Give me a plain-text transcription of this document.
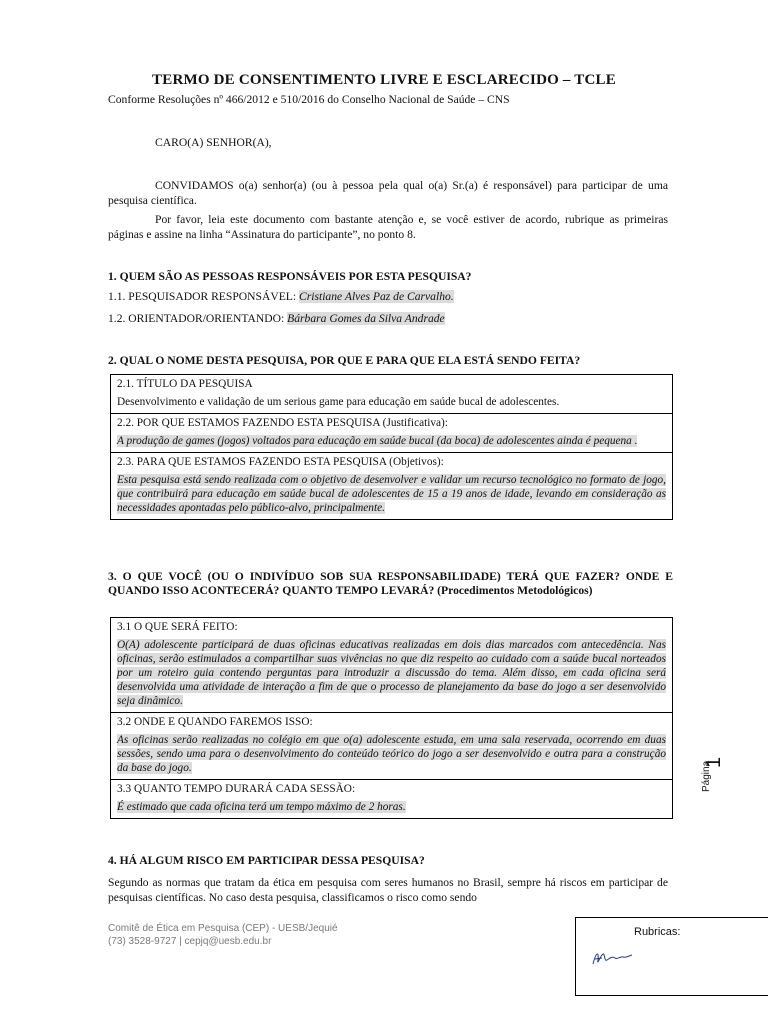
TERMO DE CONSENTIMENTO LIVRE E ESCLARECIDO – TCLE
Conforme Resoluções nº 466/2012 e 510/2016 do Conselho Nacional de Saúde – CNS
CARO(A) SENHOR(A),
CONVIDAMOS o(a) senhor(a) (ou à pessoa pela qual o(a) Sr.(a) é responsável) para participar de uma pesquisa científica.
Por favor, leia este documento com bastante atenção e, se você estiver de acordo, rubrique as primeiras páginas e assine na linha “Assinatura do participante”, no ponto 8.
1. QUEM SÃO AS PESSOAS RESPONSÁVEIS POR ESTA PESQUISA?
1.1. PESQUISADOR RESPONSÁVEL: Cristiane Alves Paz de Carvalho.
1.2. ORIENTADOR/ORIENTANDO: Bárbara Gomes da Silva Andrade
2. QUAL O NOME DESTA PESQUISA, POR QUE E PARA QUE ELA ESTÁ SENDO FEITA?
2.1. TÍTULO DA PESQUISA
Desenvolvimento e validação de um serious game para educação em saúde bucal de adolescentes.
2.2. POR QUE ESTAMOS FAZENDO ESTA PESQUISA (Justificativa):
A produção de games (jogos) voltados para educação em saúde bucal (da boca) de adolescentes ainda é pequena .
2.3. PARA QUE ESTAMOS FAZENDO ESTA PESQUISA (Objetivos):
Esta pesquisa está sendo realizada com o objetivo de desenvolver e validar um recurso tecnológico no formato de jogo, que contribuirá para educação em saúde bucal de adolescentes de 15 a 19 anos de idade, levando em consideração as necessidades apontadas pelo público-alvo, principalmente.
3. O QUE VOCÊ (OU O INDIVÍDUO SOB SUA RESPONSABILIDADE) TERÁ QUE FAZER? ONDE E QUANDO ISSO ACONTECERÁ? QUANTO TEMPO LEVARÁ? (Procedimentos Metodológicos)
3.1 O QUE SERÁ FEITO:
O(A) adolescente participará de duas oficinas educativas realizadas em dois dias marcados com antecedência. Nas oficinas, serão estimulados a compartilhar suas vivências no que diz respeito ao cuidado com a saúde bucal norteados por um roteiro guia contendo perguntas para introduzir a discussão do tema. Além disso, em cada oficina será desenvolvida uma atividade de interação a fim de que o processo de planejamento da base do jogo a ser desenvolvido seja dinâmico.
3.2 ONDE E QUANDO FAREMOS ISSO:
As oficinas serão realizadas no colégio em que o(a) adolescente estuda, em uma sala reservada, ocorrendo em duas sessões, sendo uma para o desenvolvimento do conteúdo teórico do jogo a ser desenvolvido e outra para a construção da base do jogo.
3.3 QUANTO TEMPO DURARÁ CADA SESSÃO:
É estimado que cada oficina terá um tempo máximo de 2 horas.
4. HÁ ALGUM RISCO EM PARTICIPAR DESSA PESQUISA?
Segundo as normas que tratam da ética em pesquisa com seres humanos no Brasil, sempre há riscos em participar de pesquisas científicas. No caso desta pesquisa, classificamos o risco como sendo
Comitê de Ética em Pesquisa (CEP) - UESB/Jequié
(73) 3528-9727 | cepjq@uesb.edu.br
1
Página
Rubricas:
